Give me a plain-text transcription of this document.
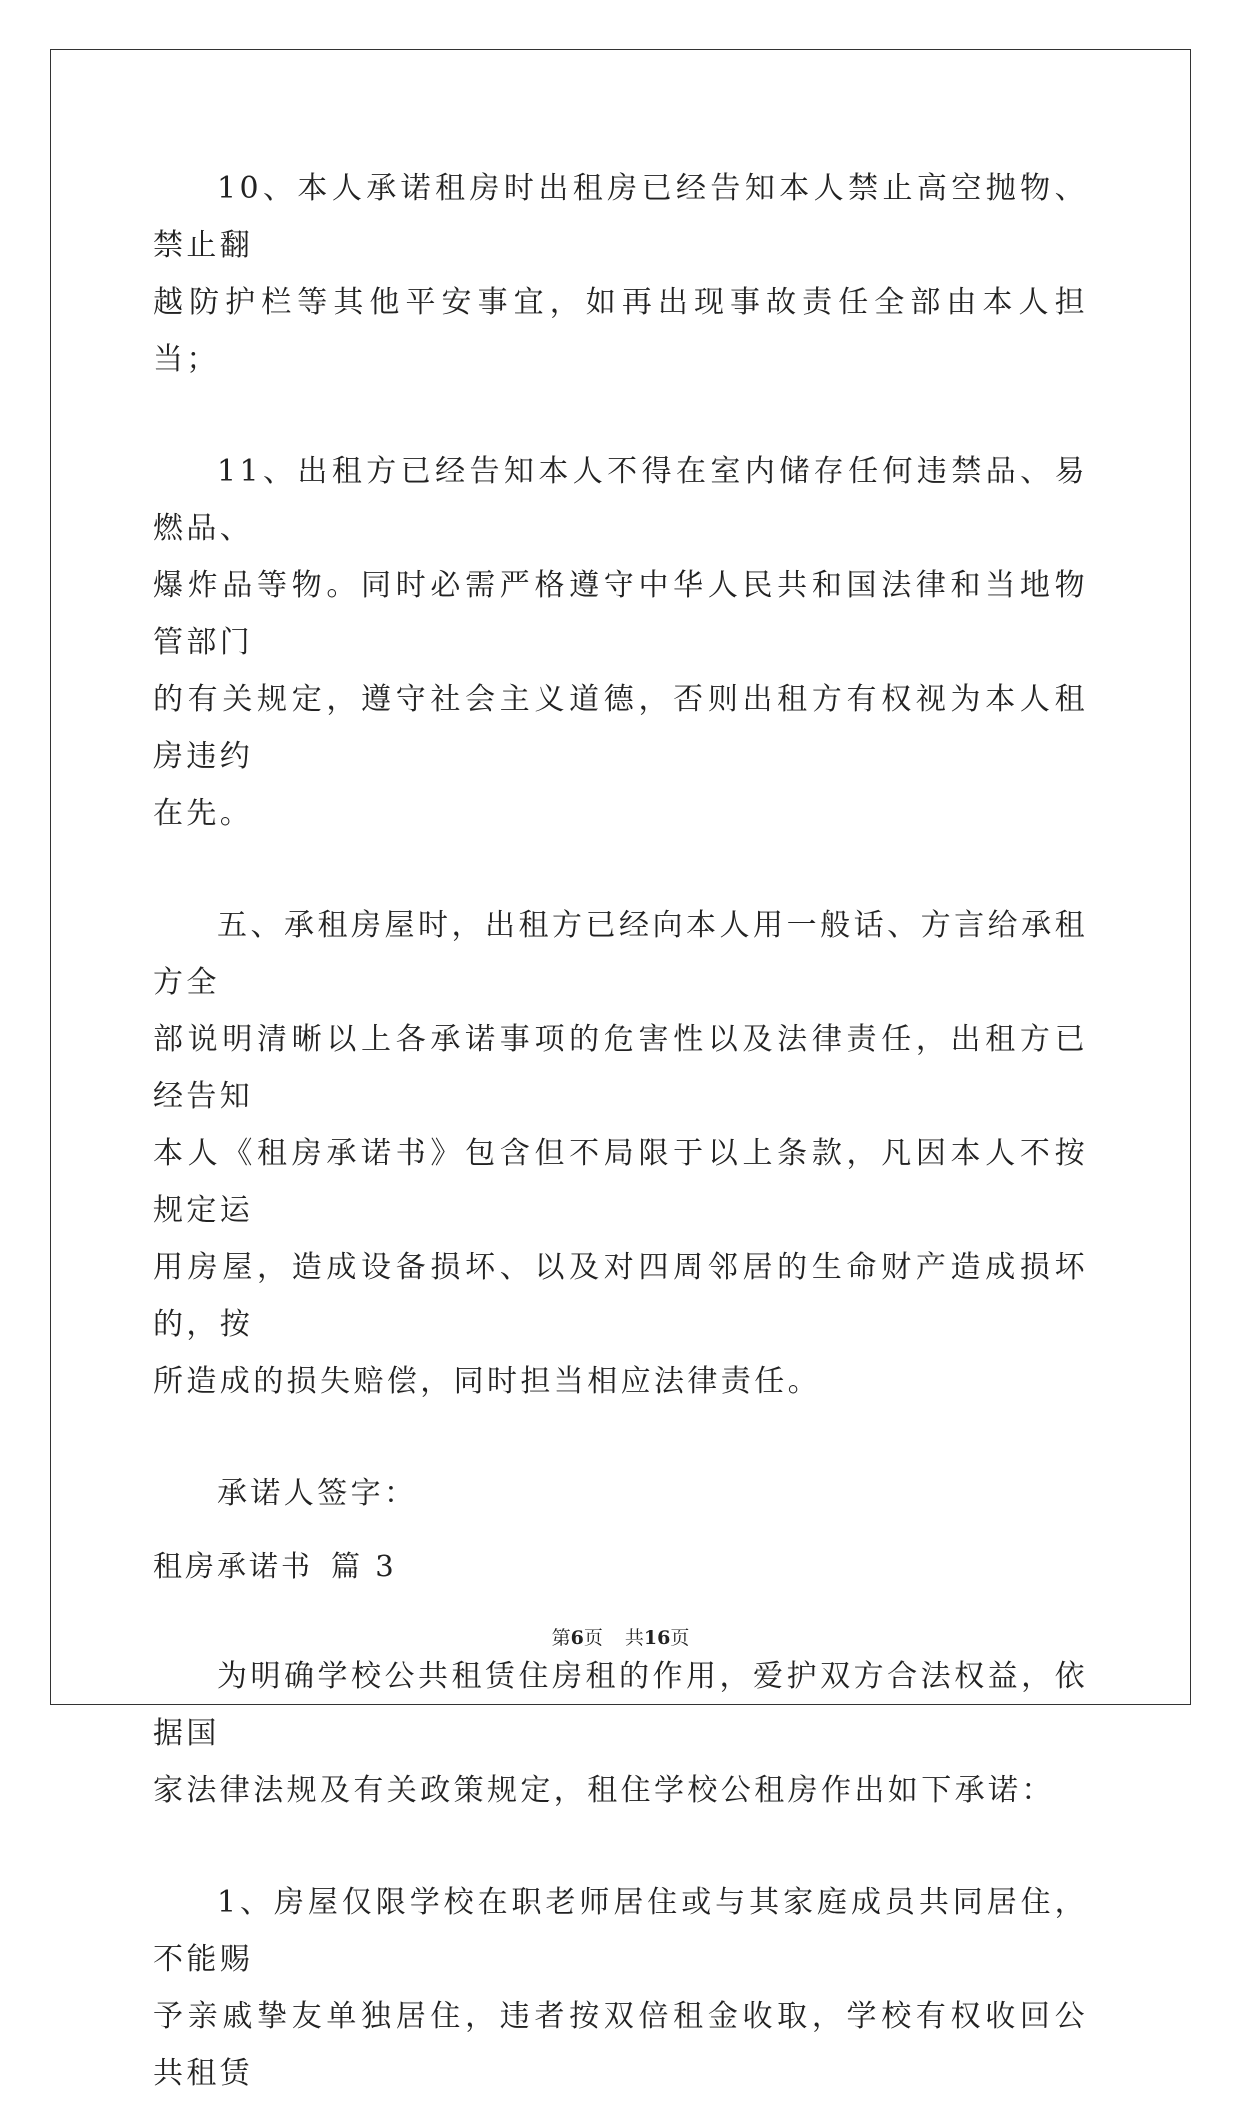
10、本人承诺租房时出租房已经告知本人禁止高空抛物、禁止翻

越防护栏等其他平安事宜，如再出现事故责任全部由本人担当；

11、出租方已经告知本人不得在室内储存任何违禁品、易燃品、

爆炸品等物。同时必需严格遵守中华人民共和国法律和当地物管部门

的有关规定，遵守社会主义道德，否则出租方有权视为本人租房违约

在先。

五、承租房屋时，出租方已经向本人用一般话、方言给承租方全

部说明清晰以上各承诺事项的危害性以及法律责任，出租方已经告知

本人《租房承诺书》包含但不局限于以上条款，凡因本人不按规定运

用房屋，造成设备损坏、以及对四周邻居的生命财产造成损坏的，按

所造成的损失赔偿，同时担当相应法律责任。

承诺人签字：

租房承诺书 篇 3

为明确学校公共租赁住房租的作用，爱护双方合法权益，依据国

家法律法规及有关政策规定，租住学校公租房作出如下承诺：

1、房屋仅限学校在职老师居住或与其家庭成员共同居住，不能赐

予亲戚挚友单独居住，违者按双倍租金收取，学校有权收回公共租赁

第6页 共16页
